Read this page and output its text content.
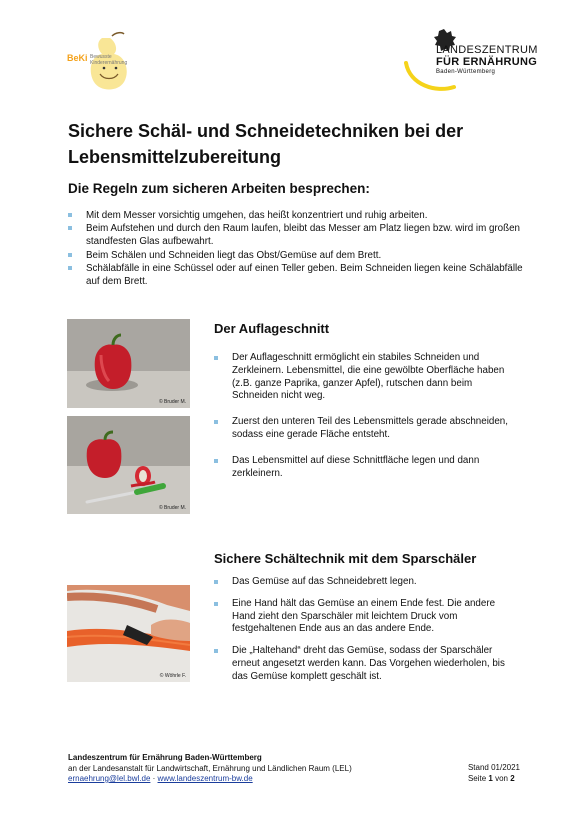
BeKi Bewusste
Kinderernährung
LANDESZENTRUM
FÜR ERNÄHRUNG
Baden-Württemberg
Sichere Schäl- und Schneidetechniken bei der Lebensmittelzubereitung
Die Regeln zum sicheren Arbeiten besprechen:
Mit dem Messer vorsichtig umgehen, das heißt konzentriert und ruhig arbeiten.
Beim Aufstehen und durch den Raum laufen, bleibt das Messer am Platz liegen bzw. wird im großen standfesten Glas aufbewahrt.
Beim Schälen und Schneiden liegt das Obst/Gemüse auf dem Brett.
Schälabfälle in eine Schüssel oder auf einen Teller geben. Beim Schneiden liegen keine Schälabfälle auf dem Brett.
© Bruder M.
© Bruder M.
Der Auflageschnitt
Der Auflageschnitt ermöglicht ein stabiles Schneiden und Zerkleinern. Lebensmittel, die eine gewölbte Oberfläche haben (z.B. ganze Paprika, ganzer Apfel), rutschen dann beim Schneiden nicht weg.
Zuerst den unteren Teil des Lebensmittels gerade abschneiden, sodass eine gerade Fläche entsteht.
Das Lebensmittel auf diese Schnittfläche legen und dann zerkleinern.
© Wöhrle F.
Sichere Schältechnik mit dem Sparschäler
Das Gemüse auf das Schneidebrett legen.
Eine Hand hält das Gemüse an einem Ende fest. Die andere Hand zieht den Sparschäler mit leichtem Druck vom festgehaltenen Ende aus an das andere Ende.
Die „Haltehand“ dreht das Gemüse, sodass der Sparschäler erneut angesetzt werden kann. Das Vorgehen wiederholen, bis das Gemüse komplett geschält ist.
Landeszentrum für Ernährung Baden-Württemberg
an der Landesanstalt für Landwirtschaft, Ernährung und Ländlichen Raum (LEL)
ernaehrung@lel.bwl.de · www.landeszentrum-bw.de
Stand 01/2021
Seite 1 von 2
